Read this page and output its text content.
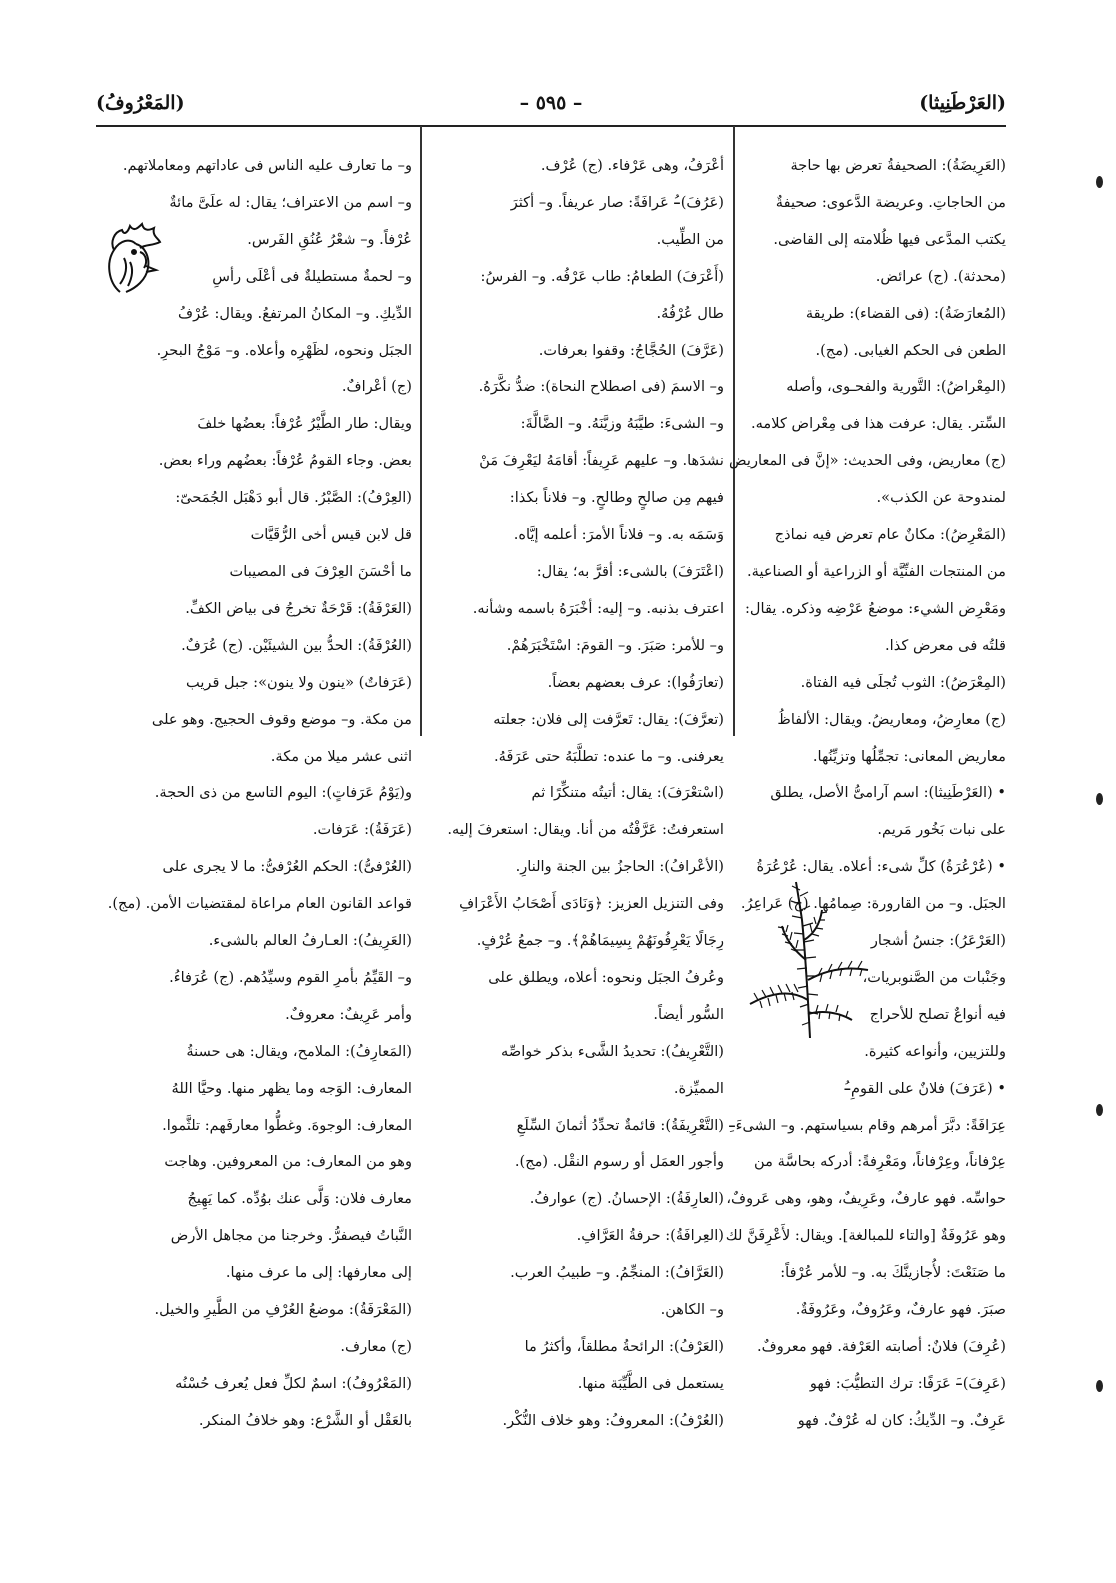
(العَرْطَنِيثا)
– ٥٩٥ –
(المَعْرُوفُ)
(العَرِيضَةُ): الصحيفةُ تعرض بها حاجة
من الحاجاتِ. وعريضة الدَّعوى: صحيفةٌ
يكتب المدَّعى فيها ظُلامته إلى القاضى.
(محدثة). (ج) عرائض.
(المُعارَضَةُ): (فى القضاء): طريقة
الطعن فى الحكم الغيابى. (مج).
(المِعْراضُ): التَّورية والفحـوى، وأصله
السِّتر. يقال: عرفت هذا فى مِعْراض كلامه.
(ج) معاريض، وفى الحديث: «إنَّ فى المعاريض
لمندوحة عن الكذب».
(المَعْرِضُ): مكانٌ عام تعرض فيه نماذج
من المنتجات الفنِّيَّة أو الزراعية أو الصناعية.
ومَعْرِض الشيء: موضعُ عَرْضِه وذكره. يقال:
قلتُه فى معرض كذا.
(المِعْرَضُ): الثوب تُجلَى فيه الفتاة.
(ج) معارِضُ، ومعاريضُ. ويقال: الألفاظُ
معاريض المعانى: تجمِّلُها وتزيِّنُها.
• (العَرْطَنِيثا): اسم آرامىُّ الأصل، يطلق
على نبات بَخُور مَريم.
• (عُرْعُرَةُ) كلِّ شىء: أعلاه. يقال: عُرْعُرَةُ
الجبَل. و– من القارورة: صِمامُها. (ج) عَراعِرُ.
(العَرْعَرُ): جنسُ أشجار
وجَنْبات من الصَّنوبريات،
فيه أنواعٌ تصلح للأحراج
وللتزيين، وأنواعه كثيرة.
• (عَرَفَ) فلانٌ على القومِ–ُ
عِرَافَةً: دبَّرَ أمرهم وقام بسياستهم. و– الشىءَ–ِ
عِرْفاناً، وعِرْفاناً، ومَعْرِفةً: أدركه بحاسَّة من
حواسِّه. فهو عارفٌ، وعَرِيفٌ، وهو، وهى عَروفٌ،
وهو عَرُوفَةٌ [والتاء للمبالغة]. ويقال: لأَعْرِفَنَّ لك
ما صَنَعْتَ: لأُجازينَّكَ به. و– للأمر عُرْفاً:
صبَرَ. فهو عارفٌ، وعَرُوفٌ، وعَرُوفَةٌ.
(عُرِفَ) فلانٌ: أصابته العَرْفة. فهو معروفٌ.
(عَرِفَ)–َ عَرَفًا: ترك التطيُّبَ: فهو
عَرِفٌ. و– الدِّيكُ: كان له عُرْفٌ. فهو
أعْرَفُ، وهى عَرْفاء. (ج) عُرْف.
(عَرُفَ)–ُ عَرافَةً: صار عريفاً. و– أكثرَ
من الطِّيب.
(أَعْرَفَ) الطعامُ: طاب عَرْفُه. و– الفرسُ:
طال عُرْفُهُ.
(عَرَّفَ) الحُجَّاجُ: وقفوا بعرفات.
و– الاسمَ (فى اصطلاح النحاة): ضدُّ نكَّرَهُ.
و– الشىءَ: طيَّبَهُ وزيَّنَهُ. و– الضَّالَّةَ:
نشدَها. و– عليهم عَرِيفاً: أقامَهُ ليَعْرِفَ مَنْ
فيهم مِن صالحٍ وطالحٍ. و– فلاناً بكذا:
وَسَمَه به. و– فلاناً الأمرَ: أعلمه إيَّاه.
(اعْتَرَفَ) بالشىء: أقرَّ به؛ يقال:
اعترف بذنبه. و– إليه: أخْبَرَهُ باسمه وشأنه.
و– للأمر: صَبَرَ. و– القومَ: اسْتَخْبَرَهُمْ.
(تعارَفُوا): عرف بعضهم بعضاً.
(تعرَّفَ): يقال: تَعرَّفت إلى فلان: جعلته
يعرفنى. و– ما عنده: تطلَّبَهُ حتى عَرَفَهُ.
(اسْتعْرَفَ): يقال: أتيتُه متنكِّرًا ثم
استعرفتُ: عَرَّفْتُه من أنا. ويقال: استعرفَ إليه.
(الأعْرافُ): الحاجزُ بين الجنة والنارِ.
وفى التنزيل العزيز: ﴿وَنَادَى أَصْحَابُ الأَعْرَافِ
رِجَالًا يَعْرِفُونَهُمْ بِسِيمَاهُمْ﴾. و– جمعُ عُرْفٍ.
وعُرفُ الجبَل ونحوه: أعلاه، ويطلق على
السُّور أيضاً.
(التَّعْرِيفُ): تحديدُ الشَّىء بذكر خواصِّه
المميِّزة.
(التَّعْرِيفَةُ): قائمةٌ تحدِّدُ أثمانَ السِّلَعِ
وأجور العمَل أو رسوم النقْل. (مج).
(العارِفَةُ): الإحسانُ. (ج) عوارفُ.
(العِرافَةُ): حرفةُ العَرَّافِ.
(العَرَّافُ): المنجِّمُ. و– طبيبُ العرب.
و– الكاهن.
(العَرْفُ): الرائحةُ مطلقاً، وأكثرُ ما
يستعمل فى الطَّيِّبَة منها.
(العُرْفُ): المعروفُ: وهو خلاف النُّكْر.
و– ما تعارف عليه الناس فى عاداتهم ومعاملاتهم.
و– اسم من الاعتراف؛ يقال: له علَىَّ مائةٌ
عُرْفاً. و– شعْرُ عُنُقِ الفَرس.
و– لحمةٌ مستطيلةٌ فى أعْلَى رأسِ
الدِّيكِ. و– المكانُ المرتفعُ. ويقال: عُرْفُ
الجبَل ونحوه، لظَهْرِه وأعلاه. و– مَوْجُ البحرِ.
(ج) أعْرافٌ.
ويقال: طار الطَّيْرُ عُرْفاً: بعضُها خلفَ
بعض. وجاء القومُ عُرْفاً: بعضُهم وراء بعض.
(العِرْفُ): الصَّبْرُ. قال أبو دَهْبَل الجُمَحىّ:
قل لابن قيس أخى الرُّقَيَّات
ما أحْسَنَ العِرْفَ فى المصيبات
(العَرْفَةُ): قَرْحَةٌ تخرجُ فى بياض الكفِّ.
(العُرْفَةُ): الحدُّ بين الشيئَيْن. (ج) عُرَفٌ.
(عَرَفاتٌ) «ينون ولا ينون»: جبل قريب
من مكة. و– موضع وقوف الحجيج. وهو على
اثنى عشر ميلا من مكة.
و(يَوْمُ عَرَفاتٍ): اليوم التاسع من ذى الحجة.
(عَرَفَةُ): عَرَفات.
(العُرْفىُّ): الحكم العُرْفىُّ: ما لا يجرى على
قواعد القانون العام مراعاة لمقتضيات الأمن. (مج).
(العَرِيفُ): العـارفُ العالم بالشىء.
و– القَيِّمُ بأمرِ القوم وسيِّدُهم. (ج) عُرَفاءُ.
وأمر عَرِيفٌ: معروفٌ.
(المَعارِفُ): الملامح، ويقال: هى حسنةُ
المعارف: الوَجه وما يظهر منها. وحيَّا اللهُ
المعارف: الوجوهَ. وغطُّوا معارفَهم: تلثَّموا.
وهو من المعارف: من المعروفين. وهاجت
معارف فلان: وَلَّى عنك بوُدِّه. كما يَهِيجُ
النَّباتُ فيصفرُّ. وخرجنا من مجاهل الأرض
إلى معارفها: إلى ما عرف منها.
(المَعْرَفَةُ): موضعُ العُرْفِ من الطَّيرِ والخيل.
(ج) معارف.
(المَعْرُوفُ): اسمٌ لكلِّ فعل يُعرف حُسْنُه
بالعَقْل أو الشَّرْع: وهو خلافُ المنكر.
